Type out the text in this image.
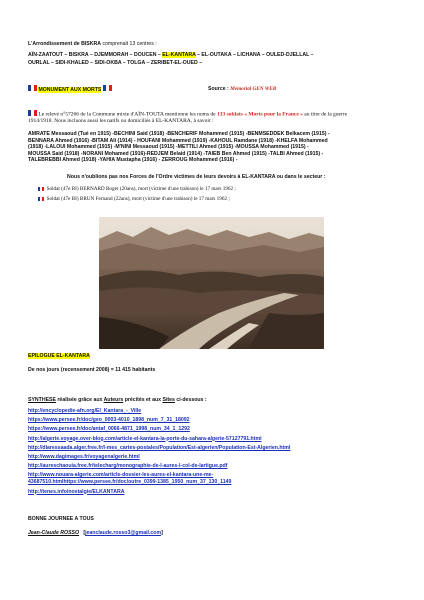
L'Arrondissement de BISKRA comprenait 13 centres :
AÏN-ZAATOUT – BISKRA – DJEMMORAH – DOUCEN – EL-KANTARA – EL-OUTAKA – LICHANA – OULED-DJELLAL –
OURLAL – SIDI-KHALED – SIDI-OKBA – TOLGA – ZERIBET-EL-OUED –
MONUMENT AUX MORTS	Source : Mémorial GEN WEB
Le relevé n°57266 de la Commune mixte d'AÏN-TOUTA mentionne les noms de 133 soldats « Morts pour la France » au titre de la guerre 1914/1918. Nous incluons aussi les natifs ou domiciliés à EL-KANTARA, à savoir :
AMRATE Messaoud (Tué en 1915) -BECHINI Said (1918) -BENCHERIF Mohammed (1915) -BENMSEDDEK Belkacem (1915) -
BENNARA Ahmed (1916) -BITAM Ali (1914) - HOUFANI Mohammed (1919) -KAHOUL Ramdane (1918) -KHELFA Mohammed
(1918) -LALOUI Mohammed (1915) -M'NINI Messaoud (1915) -METTILI Ahmed (1915) -MOUSSA Mohammed (1915) -
MOUSSA Said (1918) -NORANI Mohamed (1916)-REDJEM Belaid (1914) -TAIEB Ben Ahmed (1915) -TALBI Ahmed (1915) -
TALEBREBBI Ahmed (1918) -YAHIA Mustapha (1916) - ZERROUG Mohammed (1916) -
Nous n'oublions pas nos Forces de l'Ordre victimes de leurs devoirs à EL-KANTARA ou dans le secteur :
Soldat (47e BI) BERNARD Roger (20ans), mort (victime d'une trahison) le 17 mars 1962 ;
Soldat (47e BI) BRUN Fernand (22ans), mort (victime d'une trahison) le 17 mars 1962 ;
EPILOGUE EL-KANTARA
De nos jours (recensement 2008) = 11 415 habitants
SYNTHESE réalisée grâce aux Auteurs précités et aux Sites ci-dessous :
http://encyclopedie-afn.org/El_Kantara_-_Ville
https://www.persee.fr/doc/geo_0003-4010_1898_num_7_31_18092
https://www.persee.fr/doc/antaf_0066-4871_1998_num_34_1_1292
http://algerie.voyage.over-blog.com/article-el-kantara-la-porte-du-sahara-algerie-57127791.html
http://diaressaada.alger.free.fr/l-mes_cartes-postales/Population/Est-algerien/Population-Est-Algerien.html
http://www.dagimages.fr/voyagenalgerie.html
http://aureschaouia.free.fr/telecharg/monographie-de-l-aures-l-col-de-lartigue.pdf
http://www.nouara-algerie.com/article-dossier-les-aures-el-kantara-une-me-
43687510.htmlhttps://www.persee.fr/doc/outre_0399-1385_1950_num_37_130_1149
http://tenes.info/nostalgie/ELKANTARA
BONNE JOURNEE A TOUS
Jean-Claude ROSSO [jeanclaude.rosso3@gmail.com]
